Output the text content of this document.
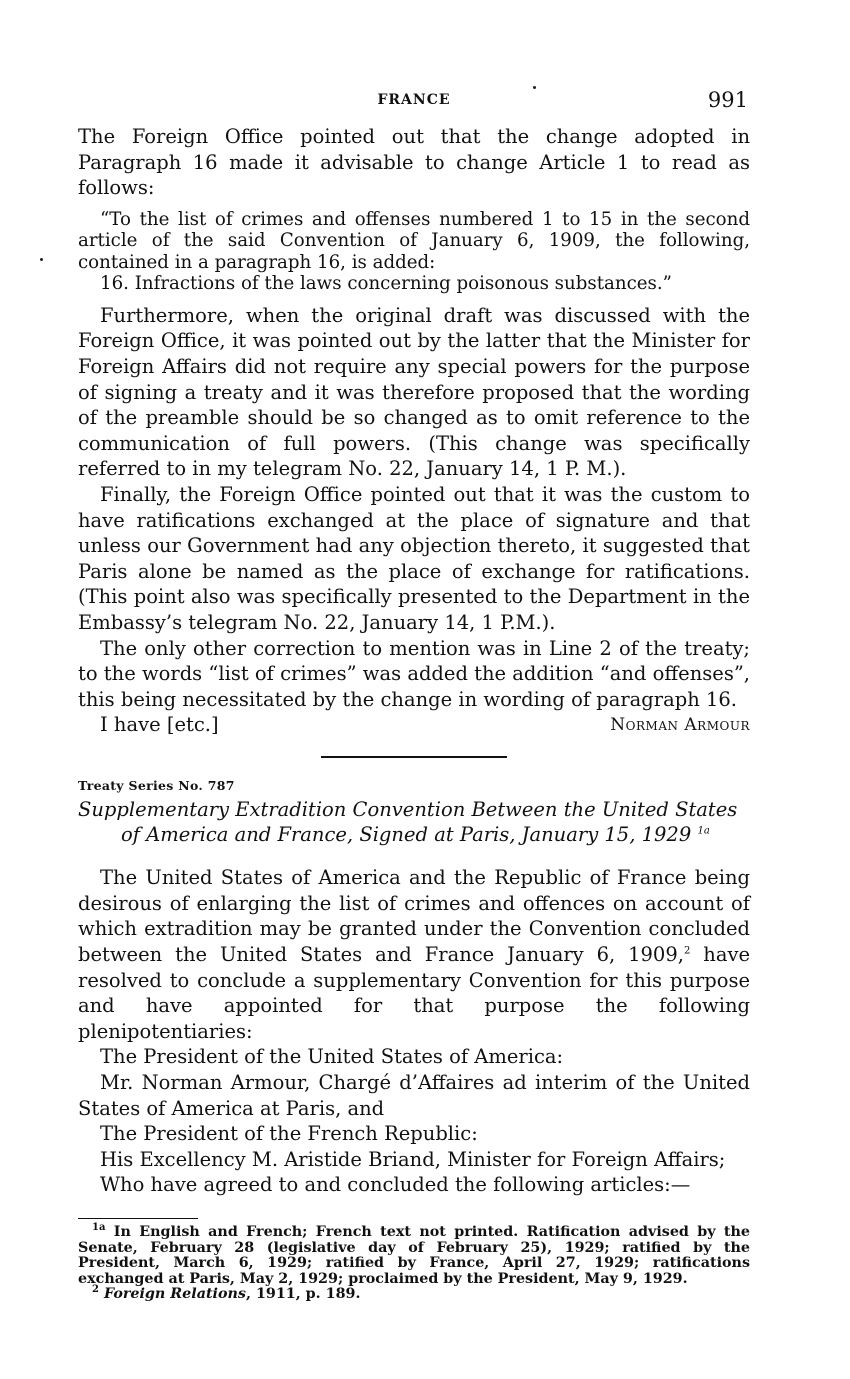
FRANCE	991

The Foreign Office pointed out that the change adopted in Paragraph 16 made it advisable to change Article 1 to read as follows:

“To the list of crimes and offenses numbered 1 to 15 in the second article of the said Convention of January 6, 1909, the following, contained in a paragraph 16, is added:

16. Infractions of the laws concerning poisonous substances.”

Furthermore, when the original draft was discussed with the Foreign Office, it was pointed out by the latter that the Minister for Foreign Affairs did not require any special powers for the purpose of signing a treaty and it was therefore proposed that the wording of the preamble should be so changed as to omit reference to the communication of full powers. (This change was specifically referred to in my telegram No. 22, January 14, 1 P. M.).

Finally, the Foreign Office pointed out that it was the custom to have ratifications exchanged at the place of signature and that unless our Government had any objection thereto, it suggested that Paris alone be named as the place of exchange for ratifications. (This point also was specifically presented to the Department in the Embassy’s telegram No. 22, January 14, 1 P.M.).

The only other correction to mention was in Line 2 of the treaty; to the words “list of crimes” was added the addition “and offenses”, this being necessitated by the change in wording of paragraph 16.

I have [etc.]	Norman Armour
Treaty Series No. 787
Supplementary Extradition Convention Between the United States
of America and France, Signed at Paris, January 15, 1929 $^{1a}$

The United States of America and the Republic of France being desirous of enlarging the list of crimes and offences on account of which extradition may be granted under the Convention concluded between the United States and France January 6, 1909,$^2$ have resolved to conclude a supplementary Convention for this purpose and have appointed for that purpose the following plenipotentiaries:

The President of the United States of America:

Mr. Norman Armour, Chargé d’Affaires ad interim of the United States of America at Paris, and

The President of the French Republic:

His Excellency M. Aristide Briand, Minister for Foreign Affairs;

Who have agreed to and concluded the following articles:—

$^{1a}$ In English and French; French text not printed. Ratification advised by the Senate, February 28 (legislative day of February 25), 1929; ratified by the President, March 6, 1929; ratified by France, April 27, 1929; ratifications exchanged at Paris, May 2, 1929; proclaimed by the President, May 9, 1929.
$^2$ Foreign Relations, 1911, p. 189.
